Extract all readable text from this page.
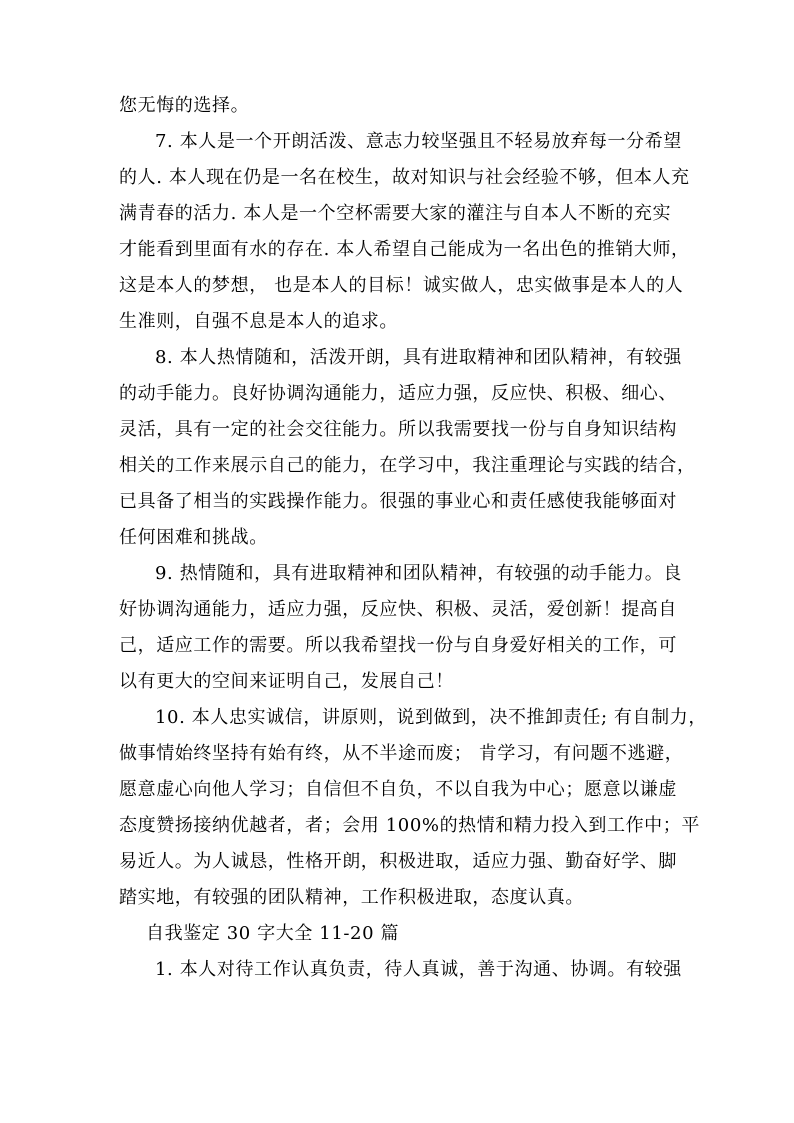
您无悔的选择。

7. 本人是一个开朗活泼、意志力较坚强且不轻易放弃每一分希望
的人. 本人现在仍是一名在校生，故对知识与社会经验不够，但本人充
满青春的活力. 本人是一个空杯需要大家的灌注与自本人不断的充实
才能看到里面有水的存在. 本人希望自己能成为一名出色的推销大师，
这是本人的梦想， 也是本人的目标！诚实做人，忠实做事是本人的人
生准则，自强不息是本人的追求。

8. 本人热情随和，活泼开朗，具有进取精神和团队精神，有较强
的动手能力。良好协调沟通能力，适应力强，反应快、积极、细心、
灵活，具有一定的社会交往能力。所以我需要找一份与自身知识结构
相关的工作来展示自己的能力，在学习中，我注重理论与实践的结合，
已具备了相当的实践操作能力。很强的事业心和责任感使我能够面对
任何困难和挑战。

9. 热情随和，具有进取精神和团队精神，有较强的动手能力。良
好协调沟通能力，适应力强，反应快、积极、灵活，爱创新！提高自
己，适应工作的需要。所以我希望找一份与自身爱好相关的工作，可
以有更大的空间来证明自己，发展自己！

10. 本人忠实诚信，讲原则，说到做到，决不推卸责任; 有自制力，
做事情始终坚持有始有终，从不半途而废； 肯学习，有问题不逃避，
愿意虚心向他人学习；自信但不自负，不以自我为中心；愿意以谦虚
态度赞扬接纳优越者，者；会用 100%的热情和精力投入到工作中；平
易近人。为人诚恳，性格开朗，积极进取，适应力强、勤奋好学、脚
踏实地，有较强的团队精神，工作积极进取，态度认真。

自我鉴定 30 字大全 11-20 篇

1. 本人对待工作认真负责，待人真诚，善于沟通、协调。有较强
